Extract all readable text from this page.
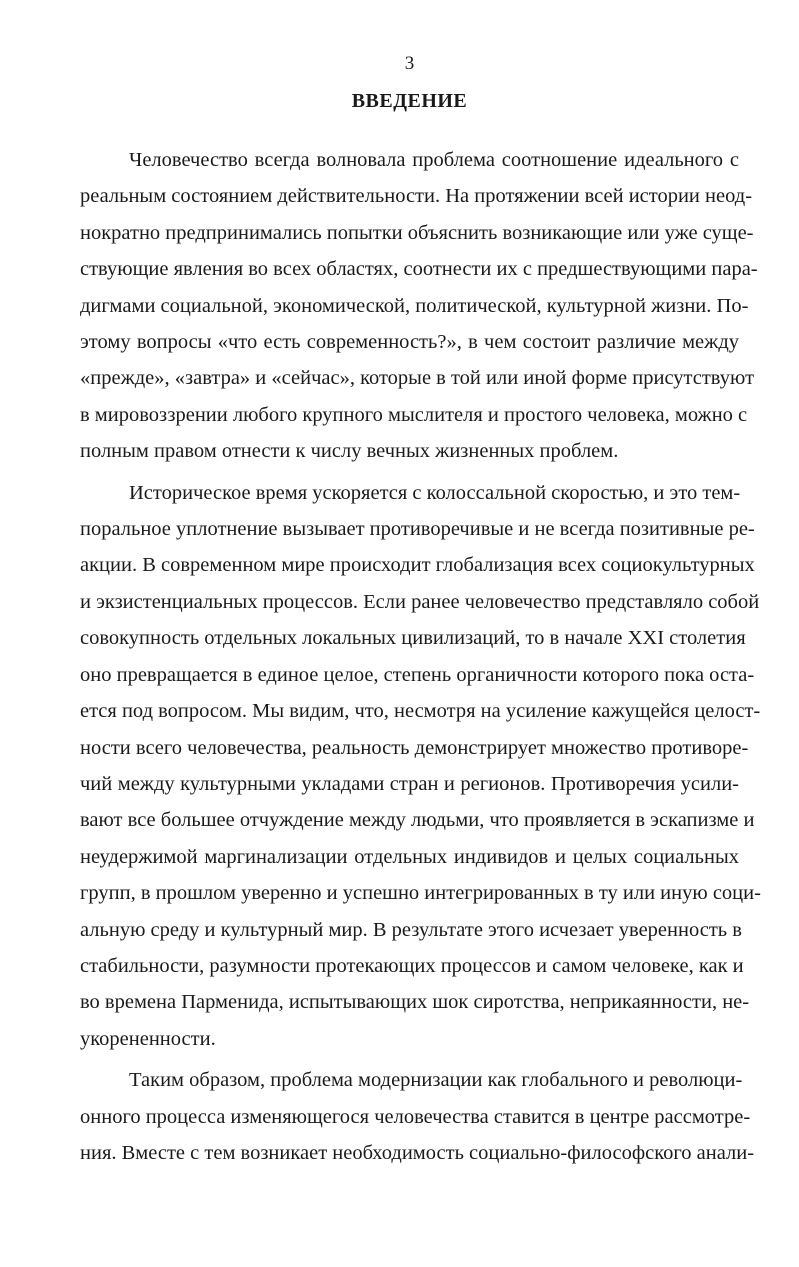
3

ВВЕДЕНИЕ

Человечество всегда волновала проблема соотношение идеального с
реальным состоянием действительности. На протяжении всей истории неод-
нократно предпринимались попытки объяснить возникающие или уже суще-
ствующие явления во всех областях, соотнести их с предшествующими пара-
дигмами социальной, экономической, политической, культурной жизни. По-
этому вопросы «что есть современность?», в чем состоит различие между
«прежде», «завтра» и «сейчас», которые в той или иной форме присутствуют
в мировоззрении любого крупного мыслителя и простого человека, можно с
полным правом отнести к числу вечных жизненных проблем.

Историческое время ускоряется с колоссальной скоростью, и это тем-
поральное уплотнение вызывает противоречивые и не всегда позитивные ре-
акции. В современном мире происходит глобализация всех социокультурных
и экзистенциальных процессов. Если ранее человечество представляло собой
совокупность отдельных локальных цивилизаций, то в начале XXI столетия
оно превращается в единое целое, степень органичности которого пока оста-
ется под вопросом. Мы видим, что, несмотря на усиление кажущейся целост-
ности всего человечества, реальность демонстрирует множество противоре-
чий между культурными укладами стран и регионов. Противоречия усили-
вают все большее отчуждение между людьми, что проявляется в эскапизме и
неудержимой маргинализации отдельных индивидов и целых социальных
групп, в прошлом уверенно и успешно интегрированных в ту или иную соци-
альную среду и культурный мир. В результате этого исчезает уверенность в
стабильности, разумности протекающих процессов и самом человеке, как и
во времена Парменида, испытывающих шок сиротства, неприкаянности, не-
укорененности.

Таким образом, проблема модернизации как глобального и революци-
онного процесса изменяющегося человечества ставится в центре рассмотре-
ния. Вместе с тем возникает необходимость социально-философского анали-
